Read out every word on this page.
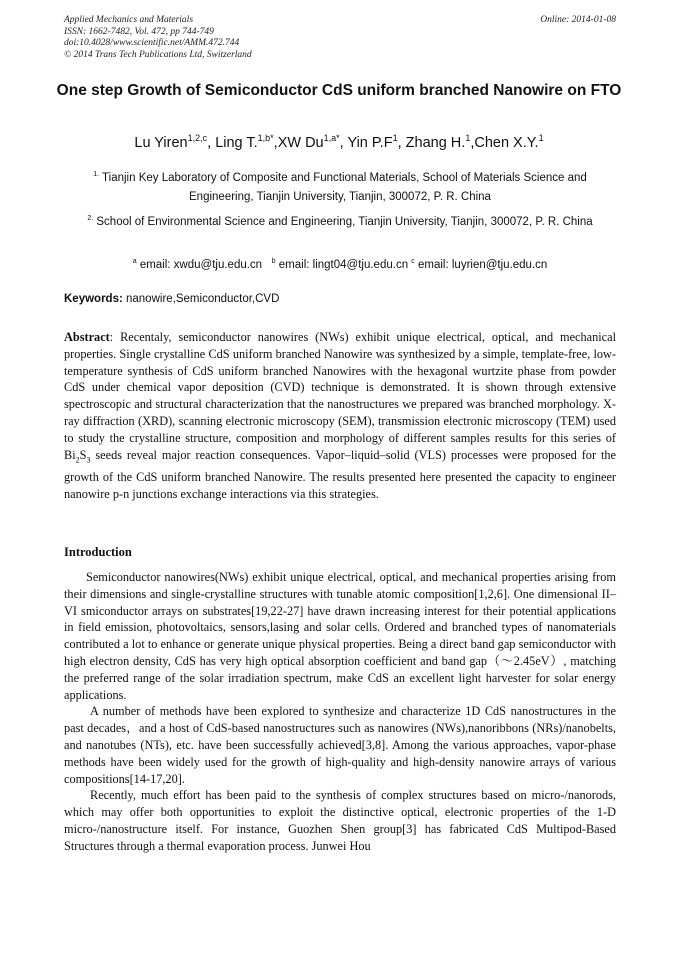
Applied Mechanics and Materials
ISSN: 1662-7482, Vol. 472, pp 744-749
doi:10.4028/www.scientific.net/AMM.472.744
© 2014 Trans Tech Publications Ltd, Switzerland
Online: 2014-01-08
One step Growth of Semiconductor CdS uniform branched Nanowire on FTO
Lu Yiren$^{1,2,c}$, Ling T.$^{1,b*}$,XW $Du^{1,a*}$, Yin $P.F^1$, Zhang H.$^1$,Chen X.Y.$^1$
$^{1.}$ Tianjin Key Laboratory of Composite and Functional Materials, School of Materials Science and Engineering, Tianjin University, Tianjin, 300072, P. R. China
$^{2.}$ School of Environmental Science and Engineering, Tianjin University, Tianjin, 300072, P. R. China
$^a$ email: xwdu@tju.edu.cn $^b$ email: lingt04@tju.edu.cn $^c$ email: luyrien@tju.edu.cn
Keywords: nanowire,Semiconductor,CVD
Abstract: Recentaly, semiconductor nanowires (NWs) exhibit unique electrical, optical, and mechanical properties. Single crystalline CdS uniform branched Nanowire was synthesized by a simple, template-free, low-temperature synthesis of CdS uniform branched Nanowires with the hexagonal wurtzite phase from powder CdS under chemical vapor deposition (CVD) technique is demonstrated. It is shown through extensive spectroscopic and structural characterization that the nanostructures we prepared was branched morphology. X-ray diffraction (XRD), scanning electronic microscopy (SEM), transmission electronic microscopy (TEM) used to study the crystalline structure, composition and morphology of different samples results for this series of $Bi_2S_3$ seeds reveal major reaction consequences. Vapor–liquid–solid (VLS) processes were proposed for the growth of the CdS uniform branched Nanowire. The results presented here presented the capacity to engineer nanowire p-n junctions exchange interactions via this strategies.
Introduction

Semiconductor nanowires(NWs) exhibit unique electrical, optical, and mechanical properties arising from their dimensions and single-crystalline structures with tunable atomic composition[1,2,6]. One dimensional II–VI smiconductor arrays on substrates[19,22-27] have drawn increasing interest for their potential applications in field emission, photovoltaics, sensors,lasing and solar cells. Ordered and branched types of nanomaterials contributed a lot to enhance or generate unique physical properties. Being a direct band gap semiconductor with high electron density, CdS has very high optical absorption coefficient and band gap（～2.45eV）, matching the preferred range of the solar irradiation spectrum, make CdS an excellent light harvester for solar energy applications.

A number of methods have been explored to synthesize and characterize 1D CdS nanostructures in the past decades，and a host of CdS-based nanostructures such as nanowires (NWs),nanoribbons (NRs)/nanobelts, and nanotubes (NTs), etc. have been successfully achieved[3,8]. Among the various approaches, vapor-phase methods have been widely used for the growth of high-quality and high-density nanowire arrays of various compositions[14-17,20].

Recently, much effort has been paid to the synthesis of complex structures based on micro-/nanorods, which may offer both opportunities to exploit the distinctive optical, electronic properties of the 1-D micro-/nanostructure itself. For instance, Guozhen Shen group[3] has fabricated CdS Multipod-Based Structures through a thermal evaporation process. Junwei Hou
